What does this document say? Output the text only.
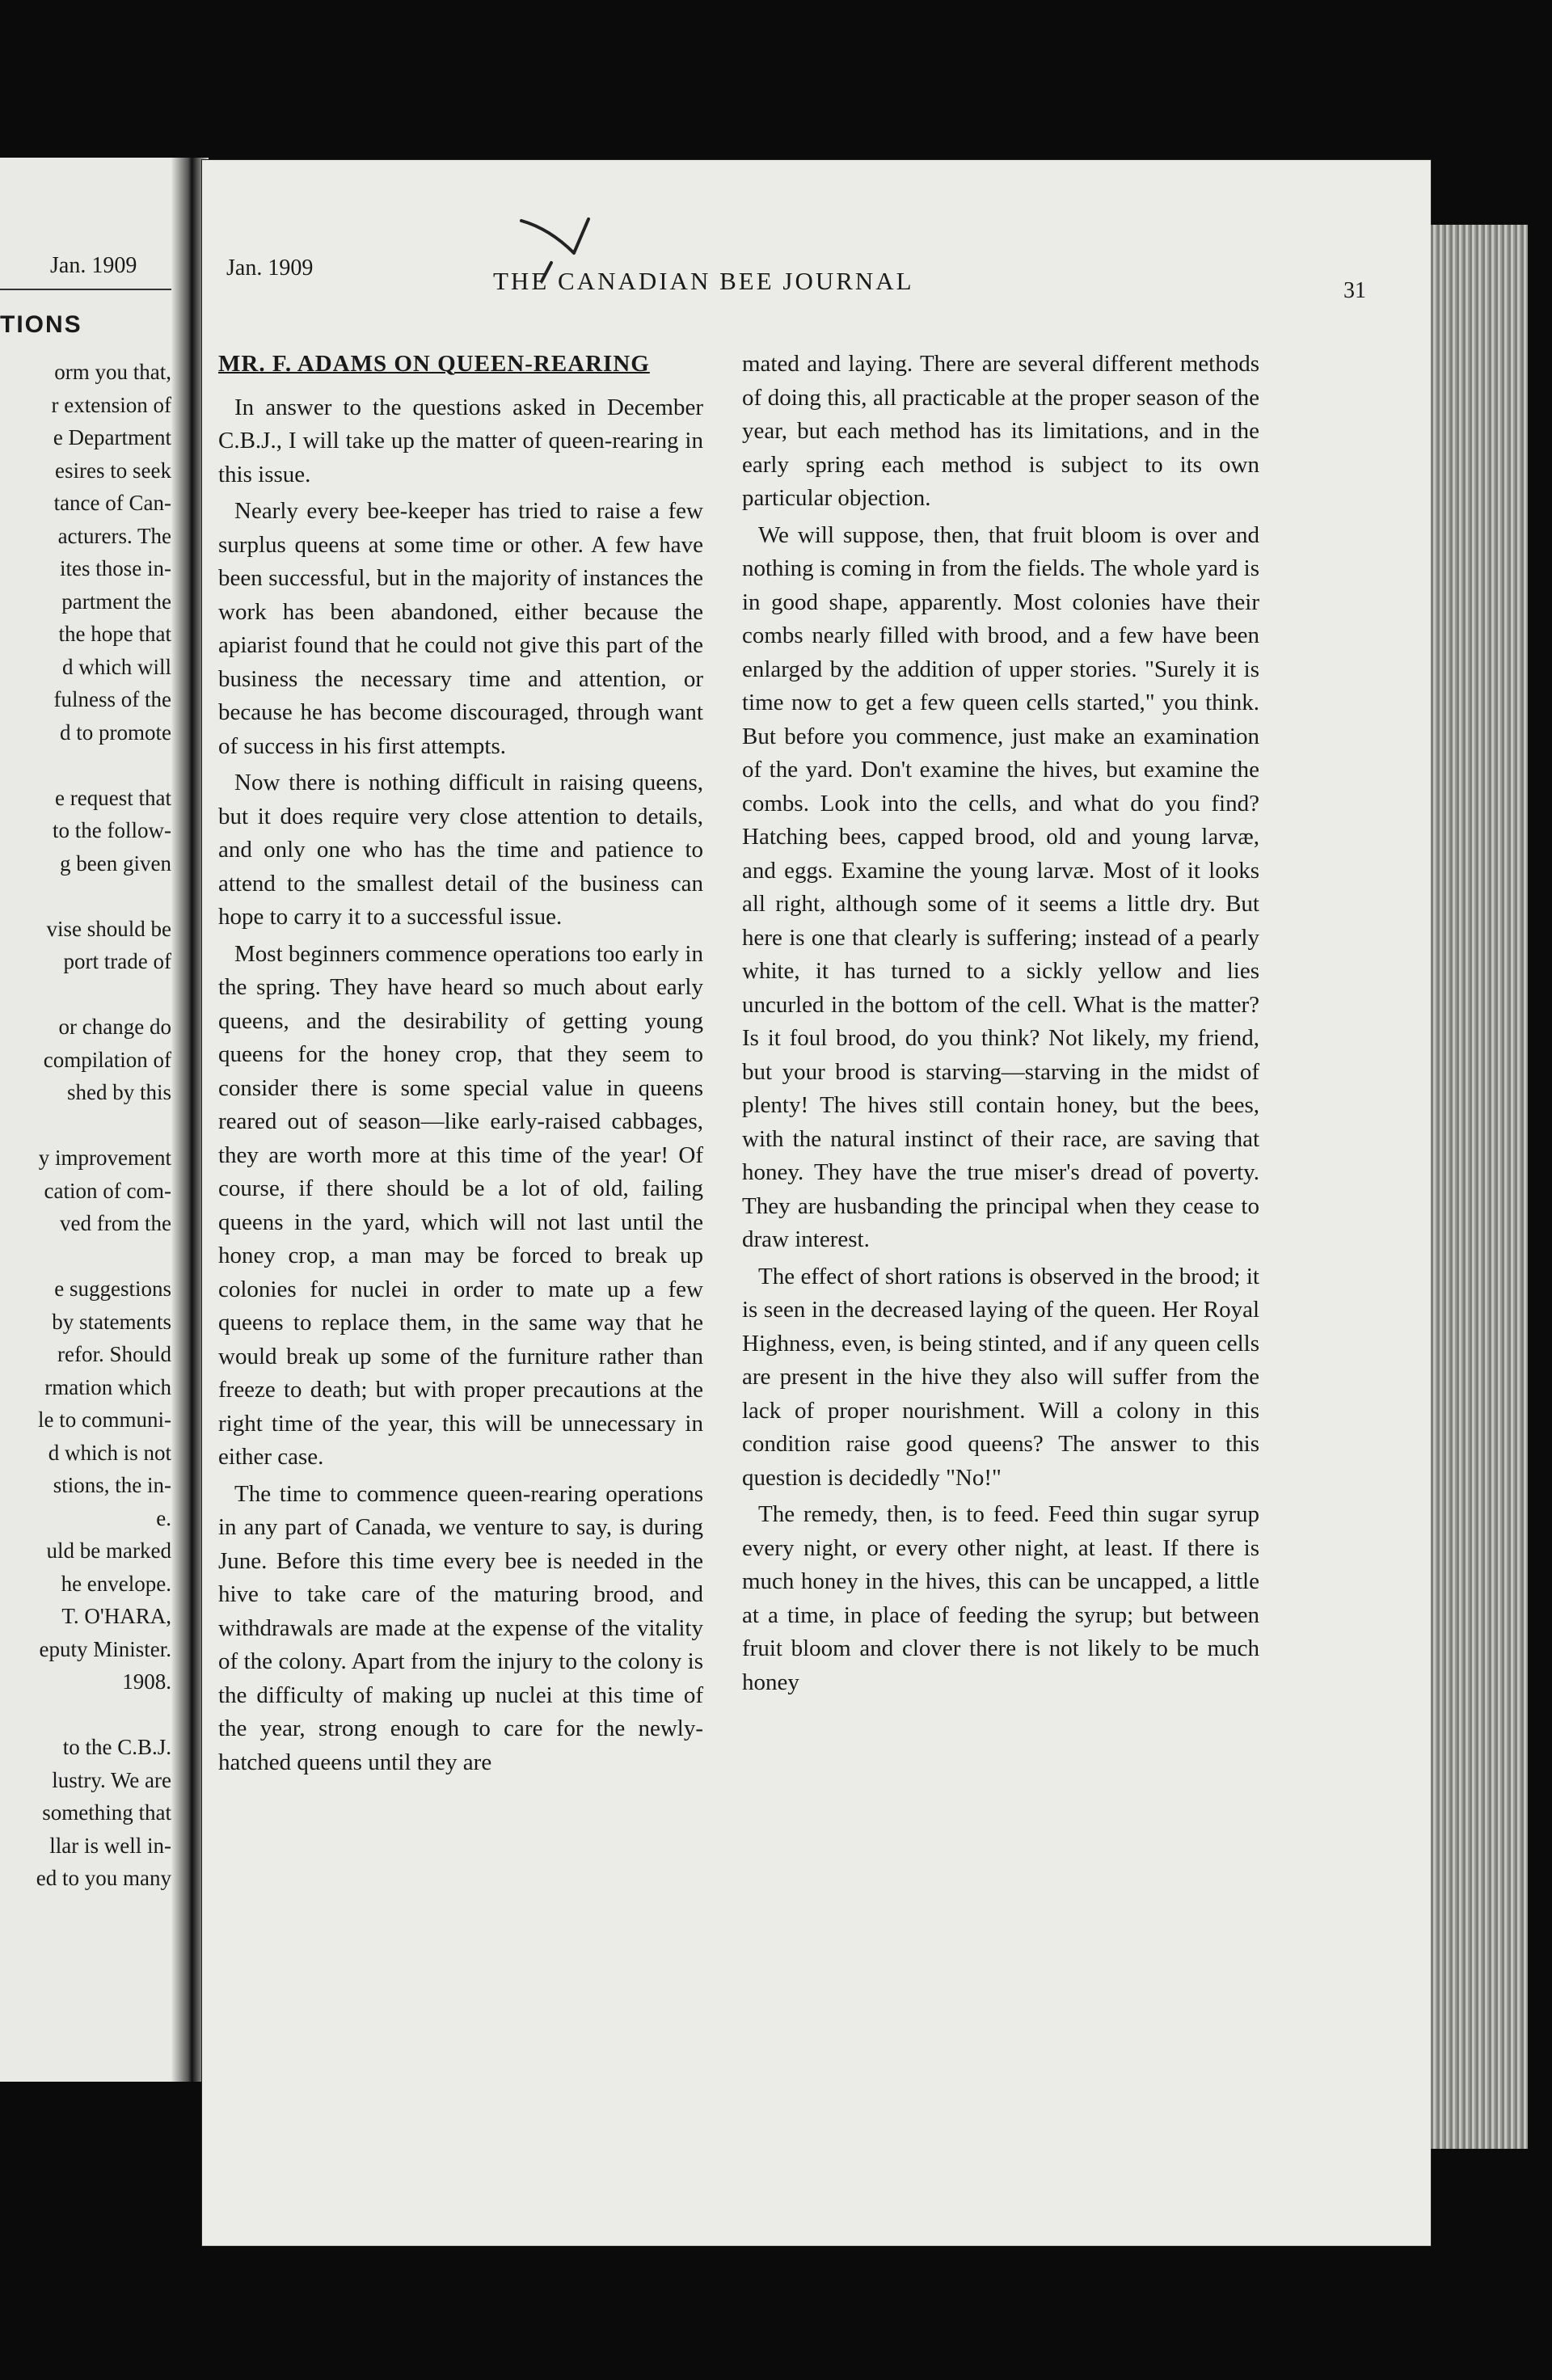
Jan. 1909
TIONS
orm you that,
r extension of
e Department
esires to seek
tance of Can-
acturers. The
ites those in-
partment the
the hope that
d which will
fulness of the
d to promote
e request that
to the follow-
g been given
vise should be
port trade of
or change do
compilation of
shed by this
y improvement
cation of com-
ved from the
e suggestions
by statements
refor. Should
rmation which
le to communi-
d which is not
stions, the in-
e.
uld be marked
he envelope.
T. O'HARA,
eputy Minister.
1908.
to the C.B.J.
lustry. We are
something that
llar is well in-
ed to you many
Jan. 1909	THE CANADIAN BEE JOURNAL	31
MR. F. ADAMS ON QUEEN-REARING

In answer to the questions asked in December C.B.J., I will take up the matter of queen-rearing in this issue.

Nearly every bee-keeper has tried to raise a few surplus queens at some time or other. A few have been successful, but in the majority of instances the work has been abandoned, either because the apiarist found that he could not give this part of the business the necessary time and attention, or because he has become discouraged, through want of success in his first attempts.

Now there is nothing difficult in raising queens, but it does require very close attention to details, and only one who has the time and patience to attend to the smallest detail of the business can hope to carry it to a successful issue.

Most beginners commence operations too early in the spring. They have heard so much about early queens, and the desirability of getting young queens for the honey crop, that they seem to consider there is some special value in queens reared out of season—like early-raised cabbages, they are worth more at this time of the year! Of course, if there should be a lot of old, failing queens in the yard, which will not last until the honey crop, a man may be forced to break up colonies for nuclei in order to mate up a few queens to replace them, in the same way that he would break up some of the furniture rather than freeze to death; but with proper precautions at the right time of the year, this will be unnecessary in either case.

The time to commence queen-rearing operations in any part of Canada, we venture to say, is during June. Before this time every bee is needed in the hive to take care of the maturing brood, and withdrawals are made at the expense of the vitality of the colony. Apart from the injury to the colony is the difficulty of making up nuclei at this time of the year, strong enough to care for the newly-hatched queens until they are

mated and laying. There are several different methods of doing this, all practicable at the proper season of the year, but each method has its limitations, and in the early spring each method is subject to its own particular objection.

We will suppose, then, that fruit bloom is over and nothing is coming in from the fields. The whole yard is in good shape, apparently. Most colonies have their combs nearly filled with brood, and a few have been enlarged by the addition of upper stories. "Surely it is time now to get a few queen cells started," you think. But before you commence, just make an examination of the yard. Don't examine the hives, but examine the combs. Look into the cells, and what do you find? Hatching bees, capped brood, old and young larvæ, and eggs. Examine the young larvæ. Most of it looks all right, although some of it seems a little dry. But here is one that clearly is suffering; instead of a pearly white, it has turned to a sickly yellow and lies uncurled in the bottom of the cell. What is the matter? Is it foul brood, do you think? Not likely, my friend, but your brood is starving—starving in the midst of plenty! The hives still contain honey, but the bees, with the natural instinct of their race, are saving that honey. They have the true miser's dread of poverty. They are husbanding the principal when they cease to draw interest.

The effect of short rations is observed in the brood; it is seen in the decreased laying of the queen. Her Royal Highness, even, is being stinted, and if any queen cells are present in the hive they also will suffer from the lack of proper nourishment. Will a colony in this condition raise good queens? The answer to this question is decidedly "No!"

The remedy, then, is to feed. Feed thin sugar syrup every night, or every other night, at least. If there is much honey in the hives, this can be uncapped, a little at a time, in place of feeding the syrup; but between fruit bloom and clover there is not likely to be much honey
